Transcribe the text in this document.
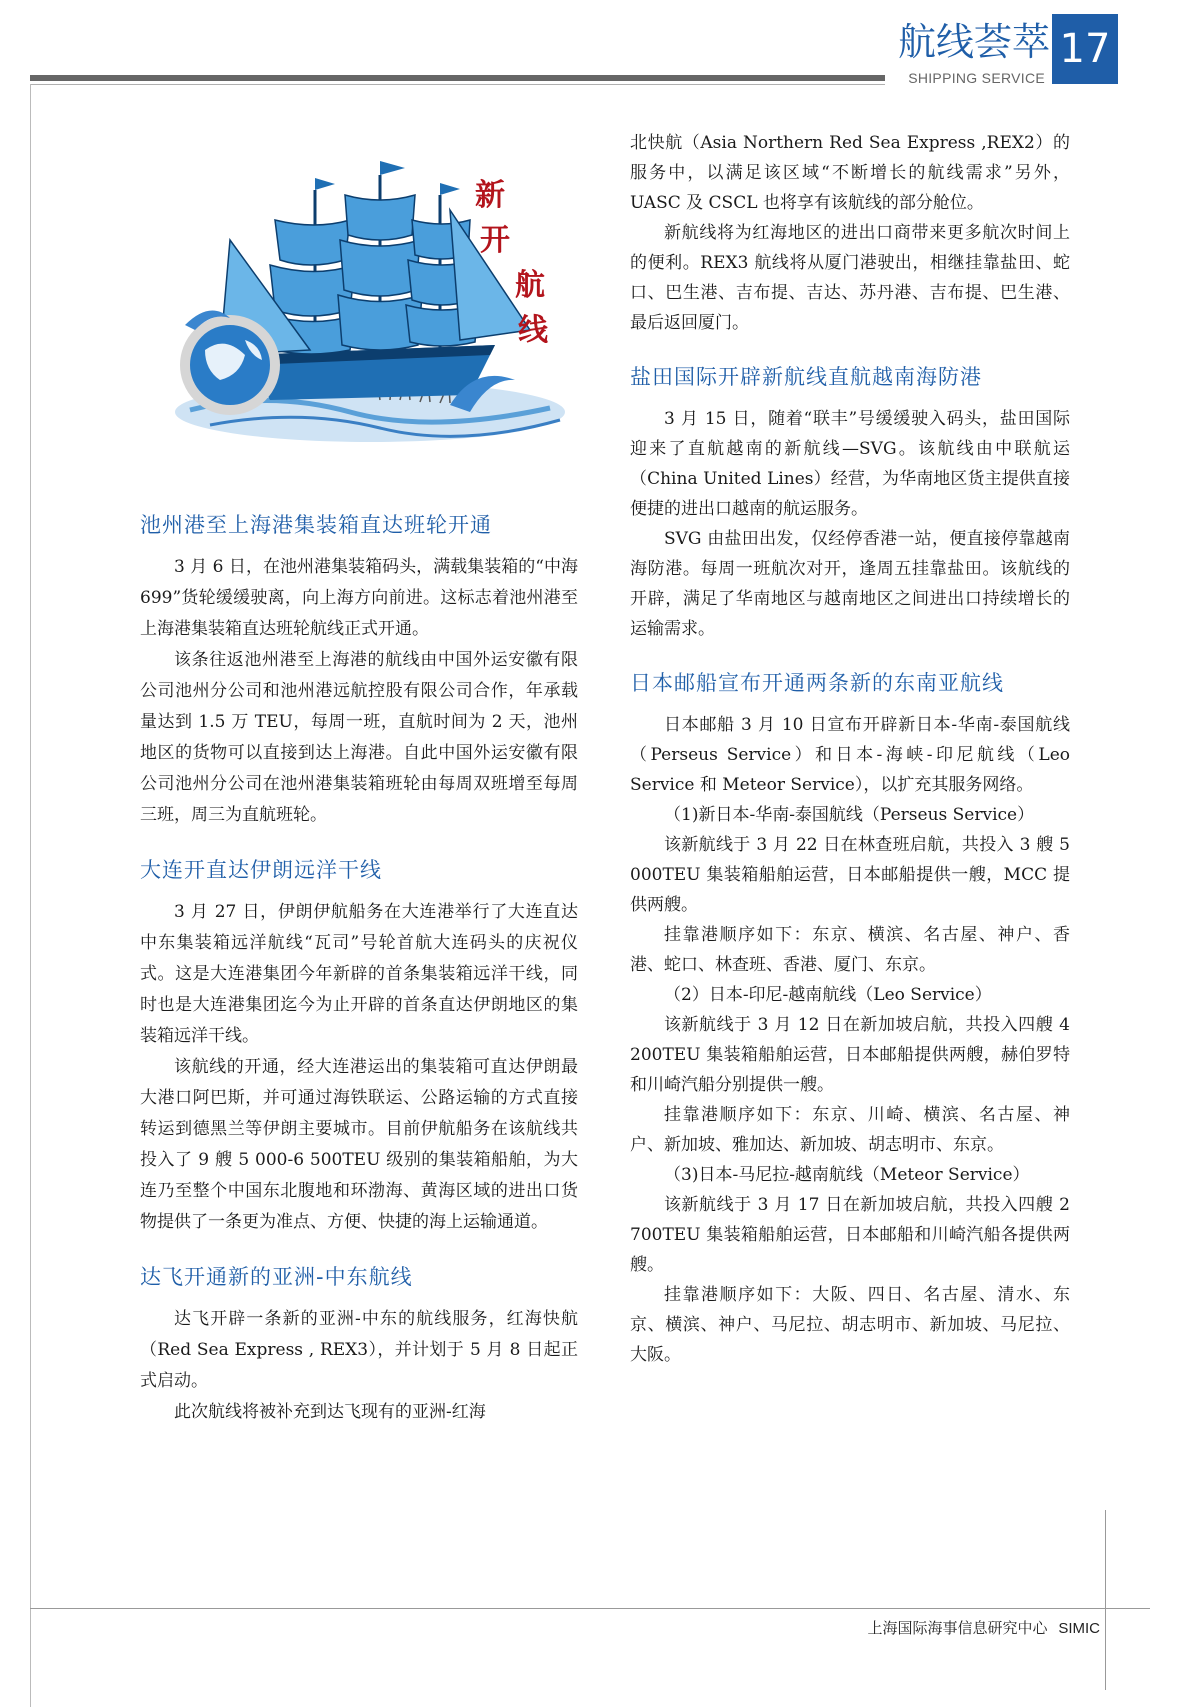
航线荟萃
SHIPPING SERVICE
17
新
开
航
线
池州港至上海港集装箱直达班轮开通

3 月 6 日，在池州港集装箱码头，满载集装箱的“中海 699”货轮缓缓驶离，向上海方向前进。这标志着池州港至上海港集装箱直达班轮航线正式开通。

该条往返池州港至上海港的航线由中国外运安徽有限公司池州分公司和池州港远航控股有限公司合作，年承载量达到 1.5 万 TEU，每周一班，直航时间为 2 天，池州地区的货物可以直接到达上海港。自此中国外运安徽有限公司池州分公司在池州港集装箱班轮由每周双班增至每周三班，周三为直航班轮。

大连开直达伊朗远洋干线

3 月 27 日，伊朗伊航船务在大连港举行了大连直达中东集装箱远洋航线“瓦司”号轮首航大连码头的庆祝仪式。这是大连港集团今年新辟的首条集装箱远洋干线，同时也是大连港集团迄今为止开辟的首条直达伊朗地区的集装箱远洋干线。

该航线的开通，经大连港运出的集装箱可直达伊朗最大港口阿巴斯，并可通过海铁联运、公路运输的方式直接转运到德黑兰等伊朗主要城市。目前伊航船务在该航线共投入了 9 艘 5 000-6 500TEU 级别的集装箱船舶，为大连乃至整个中国东北腹地和环渤海、黄海区域的进出口货物提供了一条更为准点、方便、快捷的海上运输通道。

达飞开通新的亚洲-中东航线

达飞开辟一条新的亚洲-中东的航线服务，红海快航（Red Sea Express , REX3），并计划于 5 月 8 日起正式启动。

此次航线将被补充到达飞现有的亚洲-红海

北快航（Asia Northern Red Sea Express ,REX2）的服务中，以满足该区域“不断增长的航线需求”另外，UASC 及 CSCL 也将享有该航线的部分舱位。

新航线将为红海地区的进出口商带来更多航次时间上的便利。REX3 航线将从厦门港驶出，相继挂靠盐田、蛇口、巴生港、吉布提、吉达、苏丹港、吉布提、巴生港、最后返回厦门。

盐田国际开辟新航线直航越南海防港

3 月 15 日，随着“联丰”号缓缓驶入码头，盐田国际迎来了直航越南的新航线—SVG。该航线由中联航运（China United Lines）经营，为华南地区货主提供直接便捷的进出口越南的航运服务。

SVG 由盐田出发，仅经停香港一站，便直接停靠越南海防港。每周一班航次对开，逢周五挂靠盐田。该航线的开辟，满足了华南地区与越南地区之间进出口持续增长的运输需求。

日本邮船宣布开通两条新的东南亚航线

日本邮船 3 月 10 日宣布开辟新日本-华南-泰国航线（Perseus Service）和日本-海峡-印尼航线（Leo Service 和 Meteor Service），以扩充其服务网络。

（1)新日本-华南-泰国航线（Perseus Service）

该新航线于 3 月 22 日在林查班启航，共投入 3 艘 5 000TEU 集装箱船舶运营，日本邮船提供一艘，MCC 提供两艘。

挂靠港顺序如下：东京、横滨、名古屋、神户、香港、蛇口、林查班、香港、厦门、东京。

（2）日本-印尼-越南航线（Leo Service）

该新航线于 3 月 12 日在新加坡启航，共投入四艘 4 200TEU 集装箱船舶运营，日本邮船提供两艘，赫伯罗特和川崎汽船分别提供一艘。

挂靠港顺序如下：东京、川崎、横滨、名古屋、神户、新加坡、雅加达、新加坡、胡志明市、东京。

（3)日本-马尼拉-越南航线（Meteor Service）

该新航线于 3 月 17 日在新加坡启航，共投入四艘 2 700TEU 集装箱船舶运营，日本邮船和川崎汽船各提供两艘。

挂靠港顺序如下：大阪、四日、名古屋、清水、东京、横滨、神户、马尼拉、胡志明市、新加坡、马尼拉、大阪。

上海国际海事信息研究中心 SIMIC
